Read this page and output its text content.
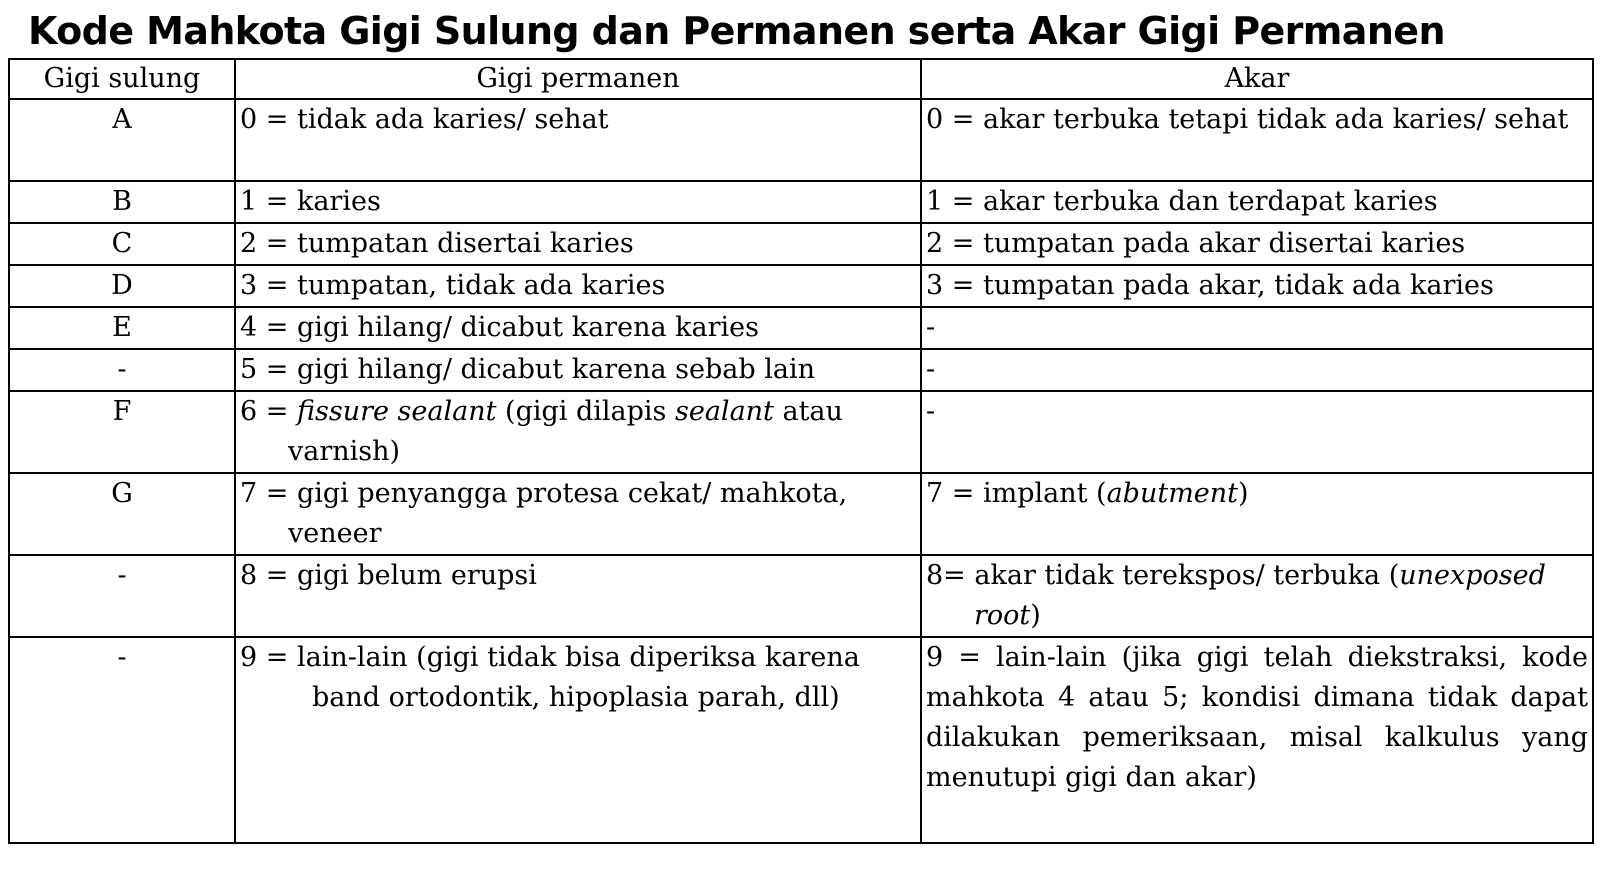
Kode Mahkota Gigi Sulung dan Permanen serta Akar Gigi Permanen
Gigi sulung	Gigi permanen	Akar
A	0 = tidak ada karies/ sehat	0 = akar terbuka tetapi tidak ada karies/ sehat

B	1 = karies	1 = akar terbuka dan terdapat karies

C	2 = tumpatan disertai karies	2 = tumpatan pada akar disertai karies

D	3 = tumpatan, tidak ada karies	3 = tumpatan pada akar, tidak ada karies

E	4 = gigi hilang/ dicabut karena karies	-

-	5 = gigi hilang/ dicabut karena sebab lain	-

F	6 = fissure sealant (gigi dilapis sealant atau varnish)	-

G	7 = gigi penyangga protesa cekat/ mahkota, veneer	7 = implant (abutment)

-	8 = gigi belum erupsi	8= akar tidak terekspos/ terbuka (unexposed root)

-	9 = lain-lain (gigi tidak bisa diperiksa karena band ortodontik, hipoplasia parah, dll)	9 = lain-lain (jika gigi telah diekstraksi, kode mahkota 4 atau 5; kondisi dimana tidak dapat dilakukan pemeriksaan, misal kalkulus yang menutupi gigi dan akar)
